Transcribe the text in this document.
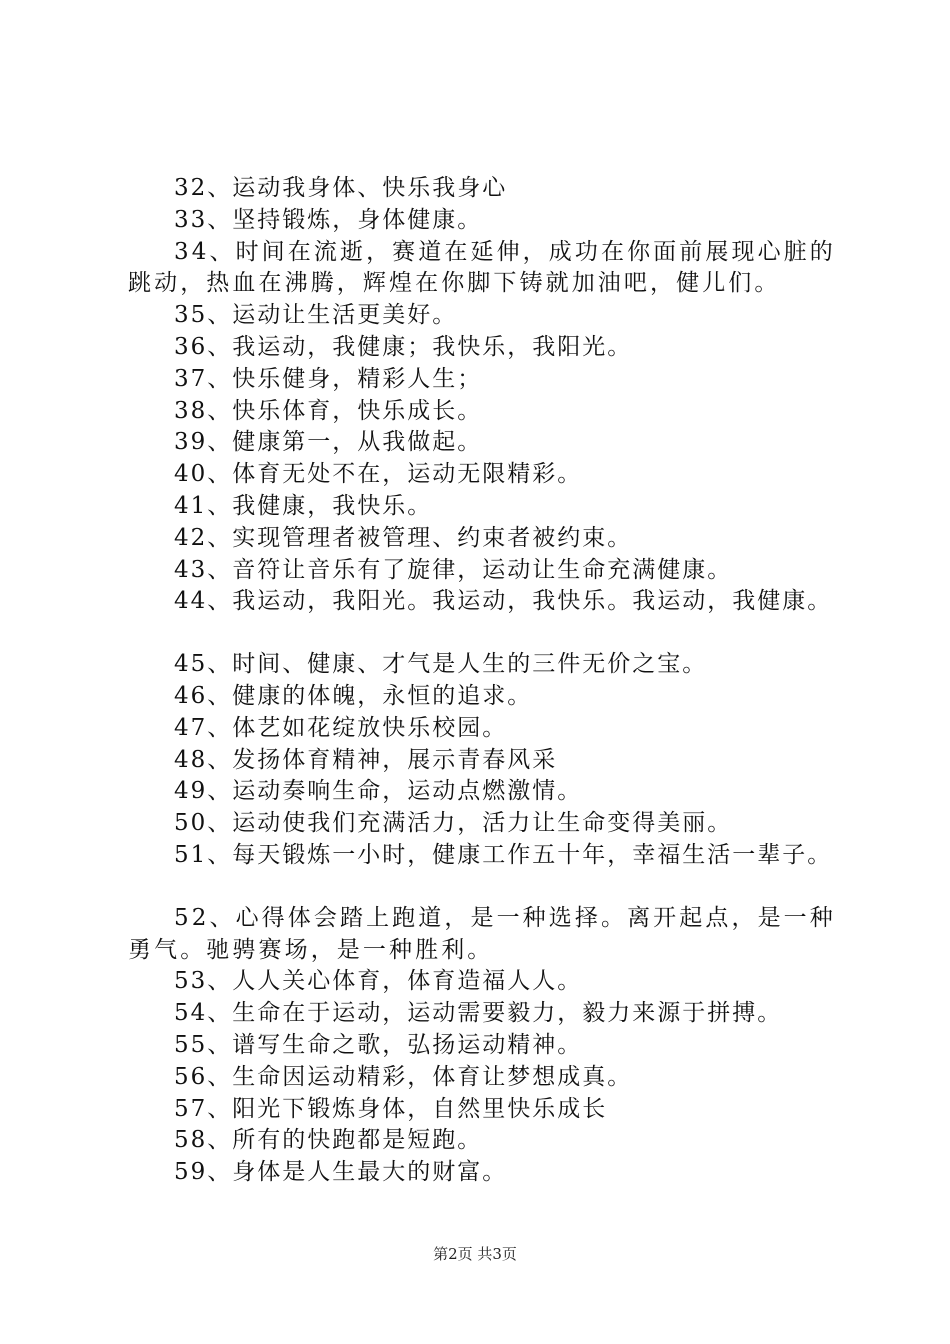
32、运动我身体、快乐我身心
33、坚持锻炼，身体健康。
34、时间在流逝，赛道在延伸，成功在你面前展现心脏的跳动，热血在沸腾，辉煌在你脚下铸就加油吧，健儿们。
35、运动让生活更美好。
36、我运动，我健康；我快乐，我阳光。
37、快乐健身，精彩人生；
38、快乐体育，快乐成长。
39、健康第一，从我做起。
40、体育无处不在，运动无限精彩。
41、我健康，我快乐。
42、实现管理者被管理、约束者被约束。
43、音符让音乐有了旋律，运动让生命充满健康。
44、我运动，我阳光。我运动，我快乐。我运动，我健康。
45、时间、健康、才气是人生的三件无价之宝。
46、健康的体魄，永恒的追求。
47、体艺如花绽放快乐校园。
48、发扬体育精神，展示青春风采
49、运动奏响生命，运动点燃激情。
50、运动使我们充满活力，活力让生命变得美丽。
51、每天锻炼一小时，健康工作五十年，幸福生活一辈子。
52、心得体会踏上跑道，是一种选择。离开起点，是一种勇气。驰骋赛场，是一种胜利。
53、人人关心体育，体育造福人人。
54、生命在于运动，运动需要毅力，毅力来源于拼搏。
55、谱写生命之歌，弘扬运动精神。
56、生命因运动精彩，体育让梦想成真。
57、阳光下锻炼身体，自然里快乐成长
58、所有的快跑都是短跑。
59、身体是人生最大的财富。
第2页 共3页
